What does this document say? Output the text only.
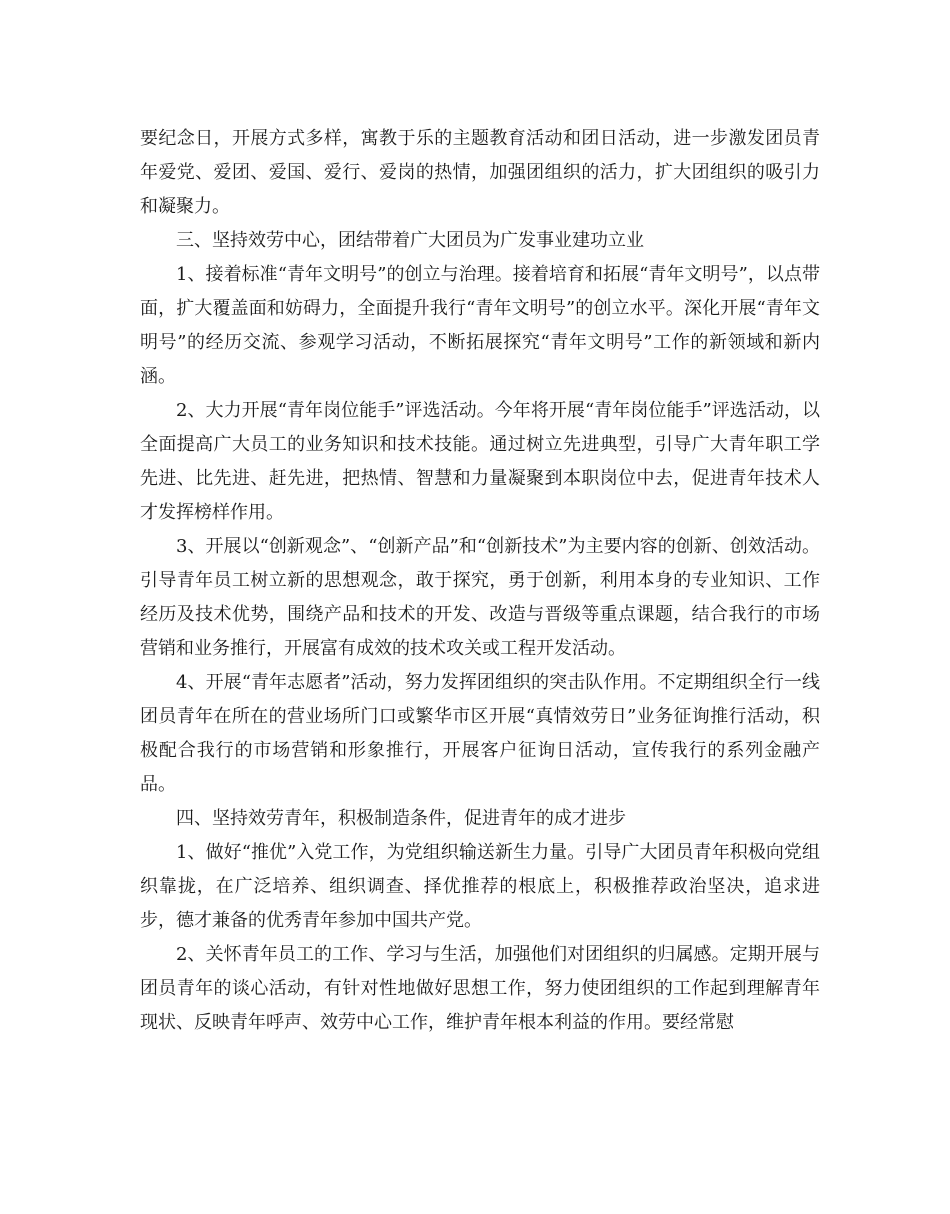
要纪念日，开展方式多样，寓教于乐的主题教育活动和团日活动，进一步激发团员青年爱党、爱团、爱国、爱行、爱岗的热情，加强团组织的活力，扩大团组织的吸引力和凝聚力。

三、坚持效劳中心，团结带着广大团员为广发事业建功立业

1、接着标准“青年文明号”的创立与治理。接着培育和拓展“青年文明号”，以点带面，扩大覆盖面和妨碍力，全面提升我行“青年文明号”的创立水平。深化开展“青年文明号”的经历交流、参观学习活动，不断拓展探究“青年文明号”工作的新领域和新内涵。

2、大力开展“青年岗位能手”评选活动。今年将开展“青年岗位能手”评选活动，以全面提高广大员工的业务知识和技术技能。通过树立先进典型，引导广大青年职工学先进、比先进、赶先进，把热情、智慧和力量凝聚到本职岗位中去，促进青年技术人才发挥榜样作用。

3、开展以“创新观念”、“创新产品”和“创新技术”为主要内容的创新、创效活动。引导青年员工树立新的思想观念，敢于探究，勇于创新，利用本身的专业知识、工作经历及技术优势，围绕产品和技术的开发、改造与晋级等重点课题，结合我行的市场营销和业务推行，开展富有成效的技术攻关或工程开发活动。

4、开展“青年志愿者”活动，努力发挥团组织的突击队作用。不定期组织全行一线团员青年在所在的营业场所门口或繁华市区开展“真情效劳日”业务征询推行活动，积极配合我行的市场营销和形象推行，开展客户征询日活动，宣传我行的系列金融产品。

四、坚持效劳青年，积极制造条件，促进青年的成才进步

1、做好“推优”入党工作，为党组织输送新生力量。引导广大团员青年积极向党组织靠拢，在广泛培养、组织调查、择优推荐的根底上，积极推荐政治坚决，追求进步，德才兼备的优秀青年参加中国共产党。

2、关怀青年员工的工作、学习与生活，加强他们对团组织的归属感。定期开展与团员青年的谈心活动，有针对性地做好思想工作，努力使团组织的工作起到理解青年现状、反映青年呼声、效劳中心工作，维护青年根本利益的作用。要经常慰
